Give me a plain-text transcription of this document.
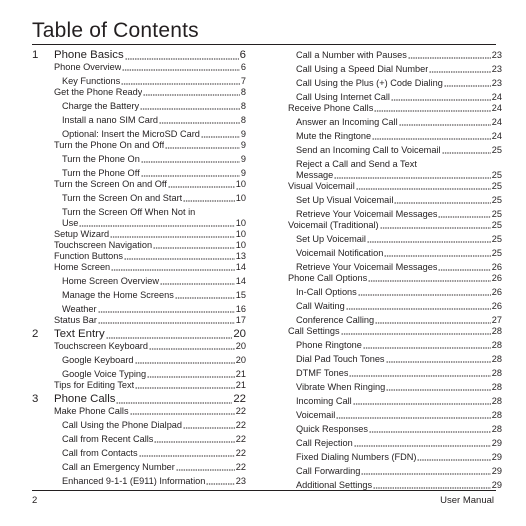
Table of Contents
1	Phone Basics	6
Phone Overview	6
Key Functions	7
Get the Phone Ready	8
Charge the Battery	8
Install a nano SIM Card	8
Optional: Insert the MicroSD Card	9
Turn the Phone On and Off	9
Turn the Phone On	9
Turn the Phone Off	9
Turn the Screen On and Off	10
Turn the Screen On and Start	10
Turn the Screen Off When Not in
Use	10
Setup Wizard	10
Touchscreen Navigation	10
Function Buttons	13
Home Screen	14
Home Screen Overview	14
Manage the Home Screens	15
Weather	16
Status Bar	17
2	Text Entry	20
Touchscreen Keyboard	20
Google Keyboard	20
Google Voice Typing	21
Tips for Editing Text	21
3	Phone Calls	22
Make Phone Calls	22
Call Using the Phone Dialpad	22
Call from Recent Calls	22
Call from Contacts	22
Call an Emergency Number	22
Enhanced 9-1-1 (E911) Information	23
Call a Number with Pauses	23
Call Using a Speed Dial Number	23
Call Using the Plus (+) Code Dialing	23
Call Using Internet Call	24
Receive Phone Calls	24
Answer an Incoming Call	24
Mute the Ringtone	24
Send an Incoming Call to Voicemail	25
Reject a Call and Send a Text
Message	25
Visual Voicemail	25
Set Up Visual Voicemail	25
Retrieve Your Voicemail Messages	25
Voicemail (Traditional)	25
Set Up Voicemail	25
Voicemail Notification	25
Retrieve Your Voicemail Messages	26
Phone Call Options	26
In-Call Options	26
Call Waiting	26
Conference Calling	27
Call Settings	28
Phone Ringtone	28
Dial Pad Touch Tones	28
DTMF Tones	28
Vibrate When Ringing	28
Incoming Call	28
Voicemail	28
Quick Responses	28
Call Rejection	29
Fixed Dialing Numbers (FDN)	29
Call Forwarding	29
Additional Settings	29
2	User Manual
